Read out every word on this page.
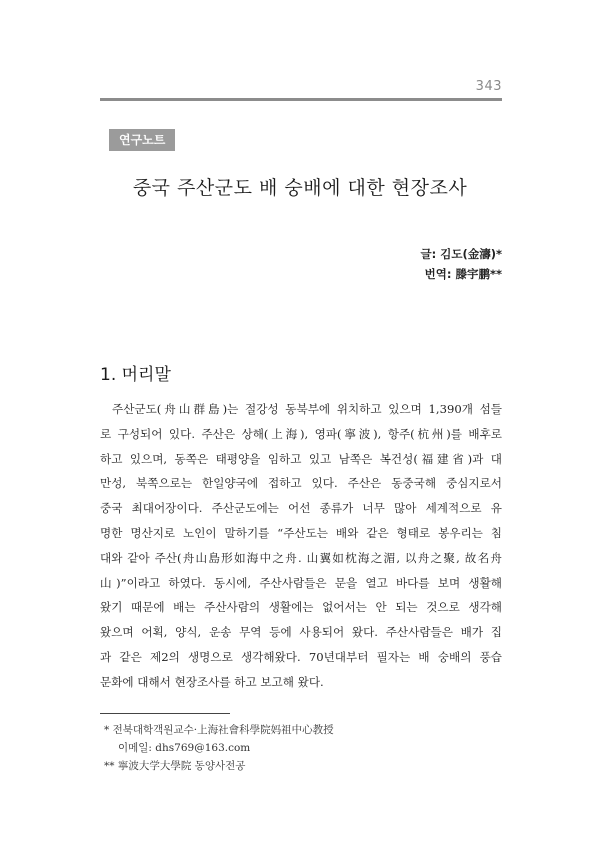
343
연구노트
중국 주산군도 배 숭배에 대한 현장조사
글: 김도(金濤)*
번역: 滕宇鹏**
1. 머리말
주산군도(舟山群島)는 절강성 동북부에 위치하고 있으며 1,390개 섬들
로 구성되어 있다. 주산은 상해(上海), 영파(寧波), 항주(杭州)를 배후로
하고 있으며, 동쪽은 태평양을 임하고 있고 남쪽은 복건성(福建省)과 대
만성, 북쪽으로는 한일양국에 접하고 있다. 주산은 동중국해 중심지로서
중국 최대어장이다. 주산군도에는 어선 종류가 너무 많아 세계적으로 유
명한 명산지로 노인이 말하기를 “주산도는 배와 같은 형태로 봉우리는 침
대와 같아 주산(舟山島形如海中之舟. 山翼如枕海之湄, 以舟之聚, 故名舟
山)”이라고 하였다. 동시에, 주산사람들은 문을 열고 바다를 보며 생활해
왔기 때문에 배는 주산사람의 생활에는 없어서는 안 되는 것으로 생각해
왔으며 어획, 양식, 운송 무역 등에 사용되어 왔다. 주산사람들은 배가 집
과 같은 제2의 생명으로 생각해왔다. 70년대부터 필자는 배 숭배의 풍습
문화에 대해서 현장조사를 하고 보고해 왔다.
* 전북대학객원교수·上海社會科學院妈祖中心教授
이메일: dhs769@163.com
** 寧波大学大學院 동양사전공
